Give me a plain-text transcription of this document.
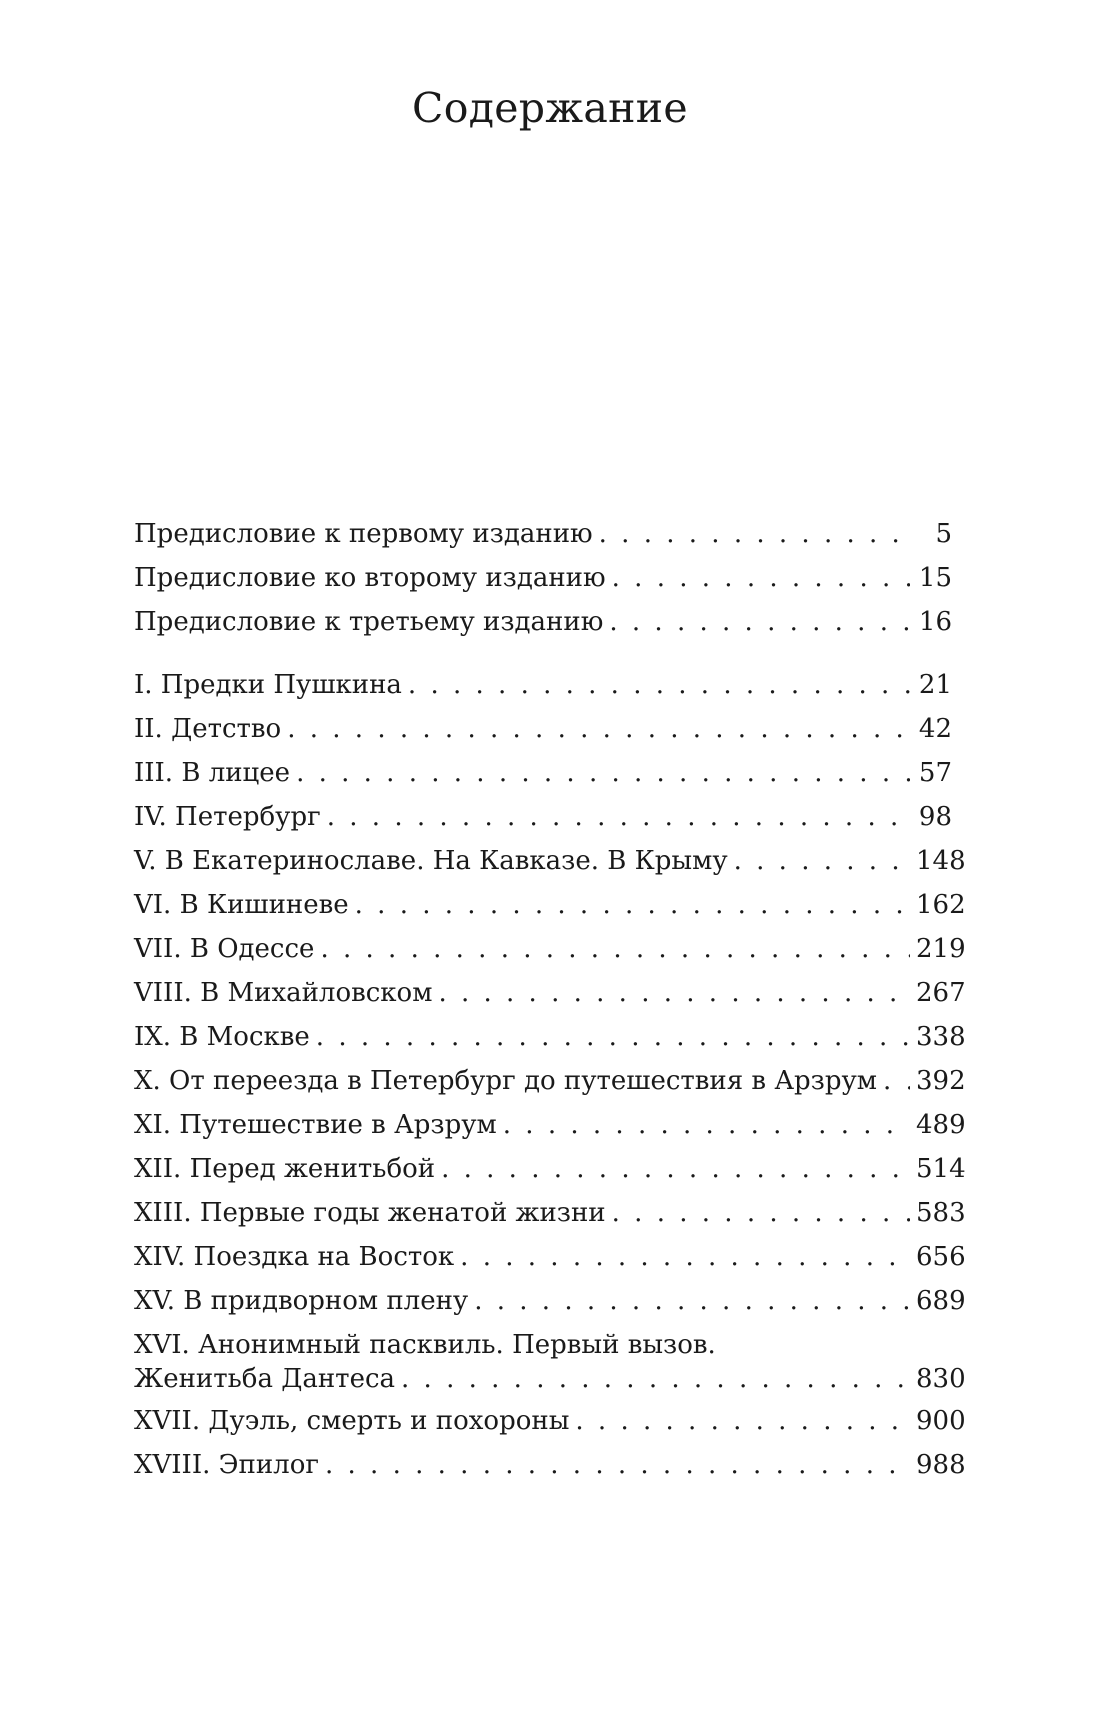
Содержание
Предисловие к первому изданию . . .	5
Предисловие ко второму изданию . . .	15
Предисловие к третьему изданию . . .	16
I. Предки Пушкина . . .	21
II. Детство . . .	42
III. В лицее . . .	57
IV. Петербург . . .	98
V. В Екатеринославе. На Кавказе. В Крыму . . .	148
VI. В Кишиневе . . .	162
VII. В Одессе . . .	219
VIII. В Михайловском . . .	267
IX. В Москве . . .	338
X. От переезда в Петербург до путешествия в Арзрум . . . 392
XI. Путешествие в Арзрум . . .	489
XII. Перед женитьбой . . .	514
XIII. Первые годы женатой жизни . . .	583
XIV. Поездка на Восток . . .	656
XV. В придворном плену . . .	689
XVI. Анонимный пасквиль. Первый вызов.
Женитьба Дантеса . . .	830
XVII. Дуэль, смерть и похороны . . .	900
XVIII. Эпилог . . .	988
